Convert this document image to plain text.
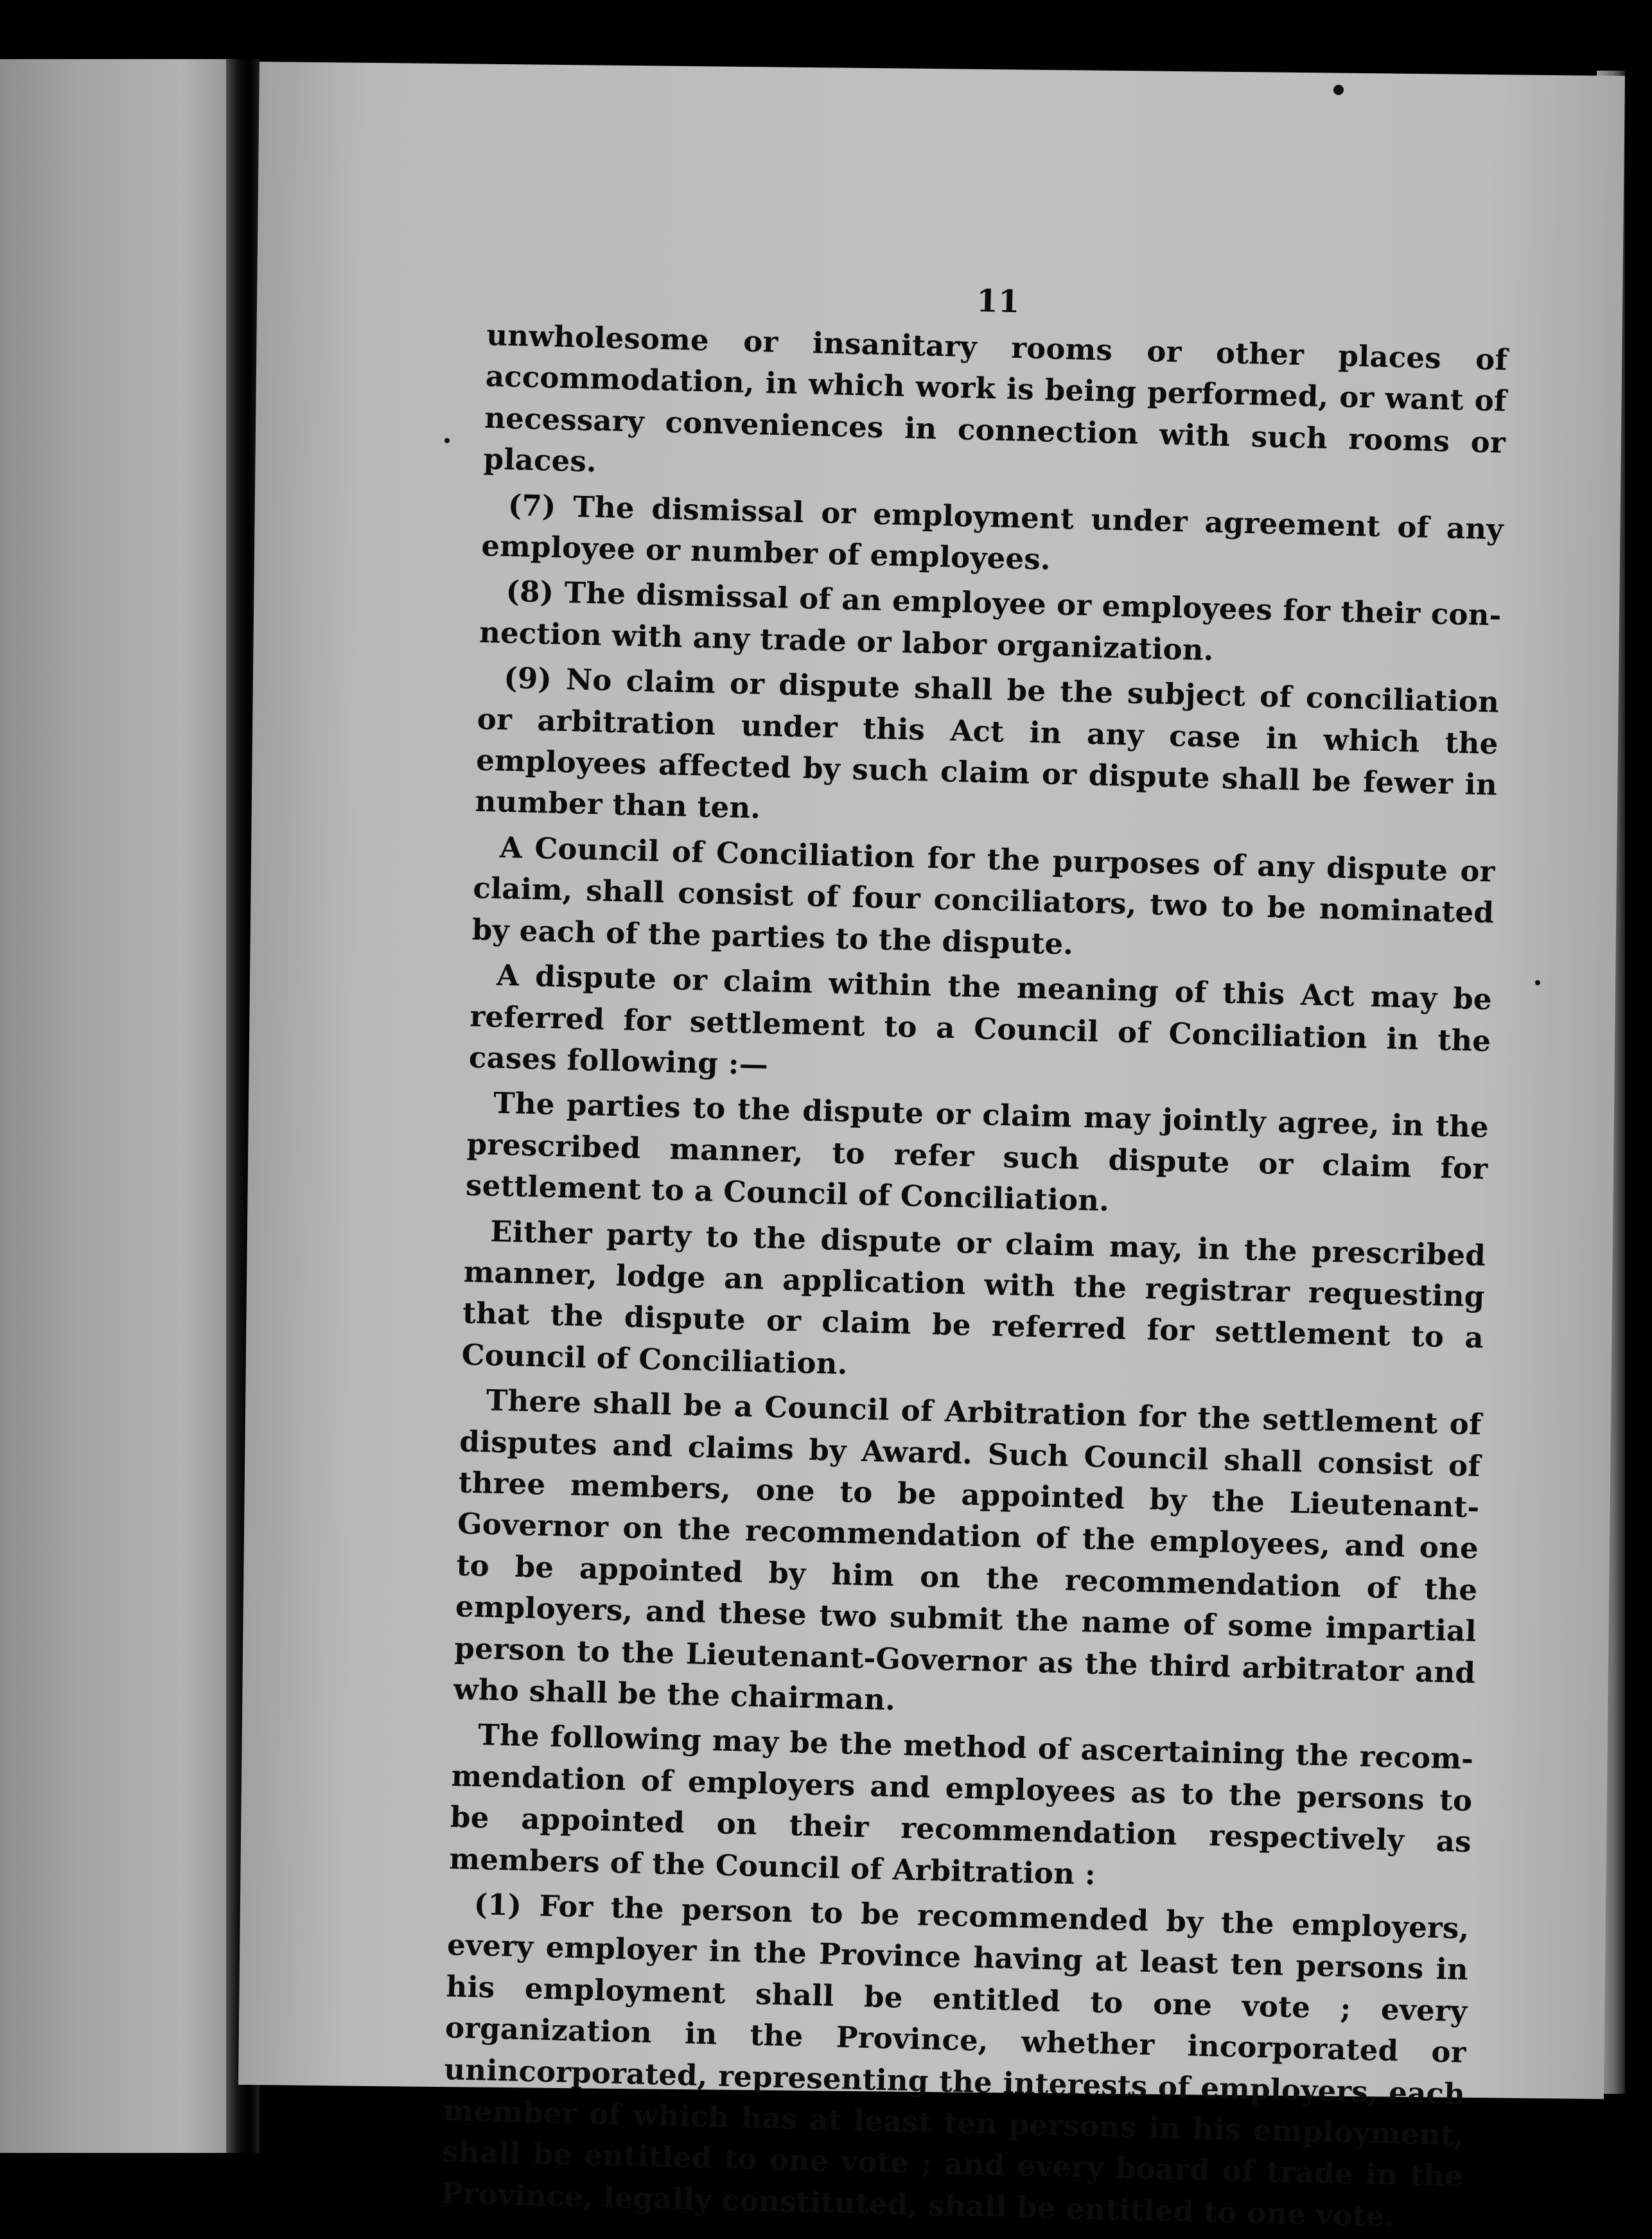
11

unwholesome or insanitary rooms or other places of accommodation, in which work is being performed, or want of necessary conveniences in connection with such rooms or places.

(7) The dismissal or employment under agreement of any employee or number of employees.

(8) The dismissal of an employee or employees for their connection with any trade or labor organization.

(9) No claim or dispute shall be the subject of conciliation or arbitration under this Act in any case in which the employees affected by such claim or dispute shall be fewer in number than ten.

A Council of Conciliation for the purposes of any dispute or claim, shall consist of four conciliators, two to be nominated by each of the parties to the dispute.

A dispute or claim within the meaning of this Act may be referred for settlement to a Council of Conciliation in the cases following :—

The parties to the dispute or claim may jointly agree, in the prescribed manner, to refer such dispute or claim for settlement to a Council of Conciliation.

Either party to the dispute or claim may, in the prescribed manner, lodge an application with the registrar requesting that the dispute or claim be referred for settlement to a Council of Conciliation.

There shall be a Council of Arbitration for the settlement of disputes and claims by Award. Such Council shall consist of three members, one to be appointed by the Lieutenant-Governor on the recommendation of the employees, and one to be appointed by him on the recommendation of the employers, and these two submit the name of some impartial person to the Lieutenant-Governor as the third arbitrator and who shall be the chairman.

The following may be the method of ascertaining the recommendation of employers and employees as to the persons to be appointed on their recommendation respectively as members of the Council of Arbitration :

(1) For the person to be recommended by the employers, every employer in the Province having at least ten persons in his employment shall be entitled to one vote ; every organization in the Province, whether incorporated or unincorporated, representing the interests of employers, each member of which has at least ten persons in his employment, shall be entitled to one vote ; and every board of trade in the Province, legally constituted, shall be entitled to one vote.
